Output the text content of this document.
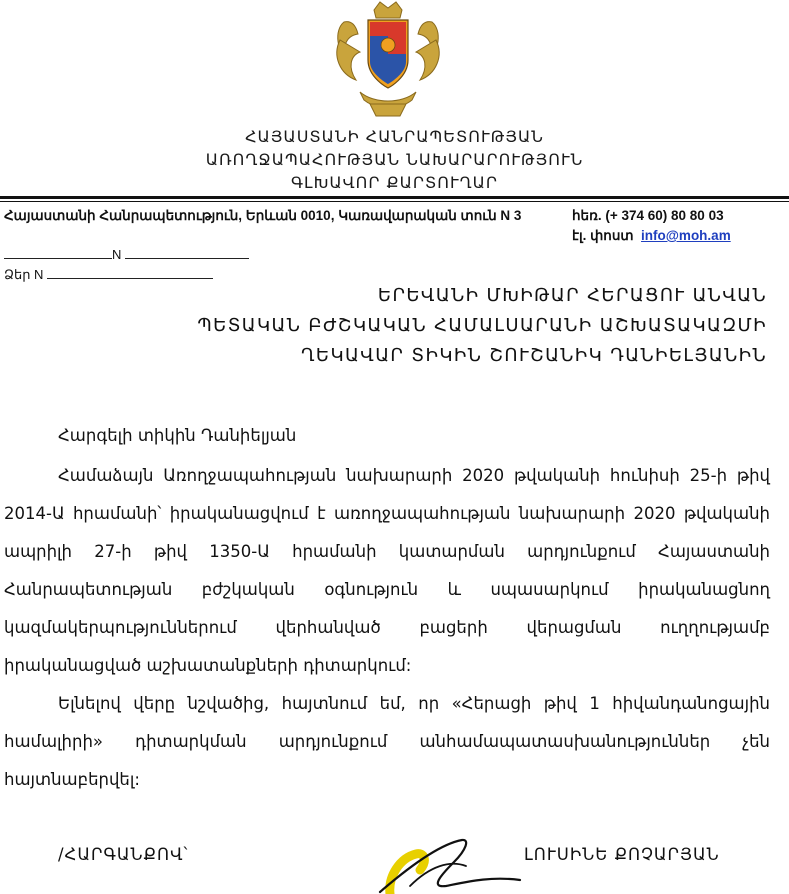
ՀԱՅԱՍՏԱՆԻ ՀԱՆՐԱՊԵՏՈՒԹՅԱՆ
ԱՌՈՂՋԱՊԱՀՈՒԹՅԱՆ ՆԱԽԱՐԱՐՈՒԹՅՈՒՆ
ԳԼԽԱՎՈՐ ՔԱՐՏՈՒՂԱՐ
Հայաստանի Հանրապետություն, Երևան 0010, Կառավարական տուն N 3	հեռ. (+ 374 60) 80 80 03
էլ. փոստ info@moh.am
N
Ձեր N
ԵՐԵՎԱՆԻ ՄԽԻԹԱՐ ՀԵՐԱՑՈՒ ԱՆՎԱՆ
ՊԵՏԱԿԱՆ ԲԺՇԿԱԿԱՆ ՀԱՄԱԼՍԱՐԱՆԻ ԱՇԽԱՏԱԿԱԶՄԻ
ՂԵԿԱՎԱՐ ՏԻԿԻՆ ՇՈՒՇԱՆԻԿ ԴԱՆԻԵԼՅԱՆԻՆ
Հարգելի տիկին Դանիելյան
Համաձայն Առողջապահության նախարարի 2020 թվականի հունիսի 25-ի թիվ 2014-Ա հրամանի՝ իրականացվում է առողջապահության նախարարի 2020 թվականի ապրիլի 27-ի թիվ 1350-Ա հրամանի կատարման արդյունքում Հայաստանի Հանրապետության բժշկական օգնություն և սպասարկում իրականացնող կազմակերպություններում վերհանված բացերի վերացման ուղղությամբ իրականացված աշխատանքների դիտարկում:
Ելնելով վերը նշվածից, հայտնում եմ, որ «Հերացի թիվ 1 հիվանդանոցային համալիրի» դիտարկման արդյունքում անհամապատասխանություններ չեն հայտնաբերվել:
/ՀԱՐԳԱՆՔՈՎ՝	ԼՈՒՍԻՆԵ ՔՈՉԱՐՅԱՆ
